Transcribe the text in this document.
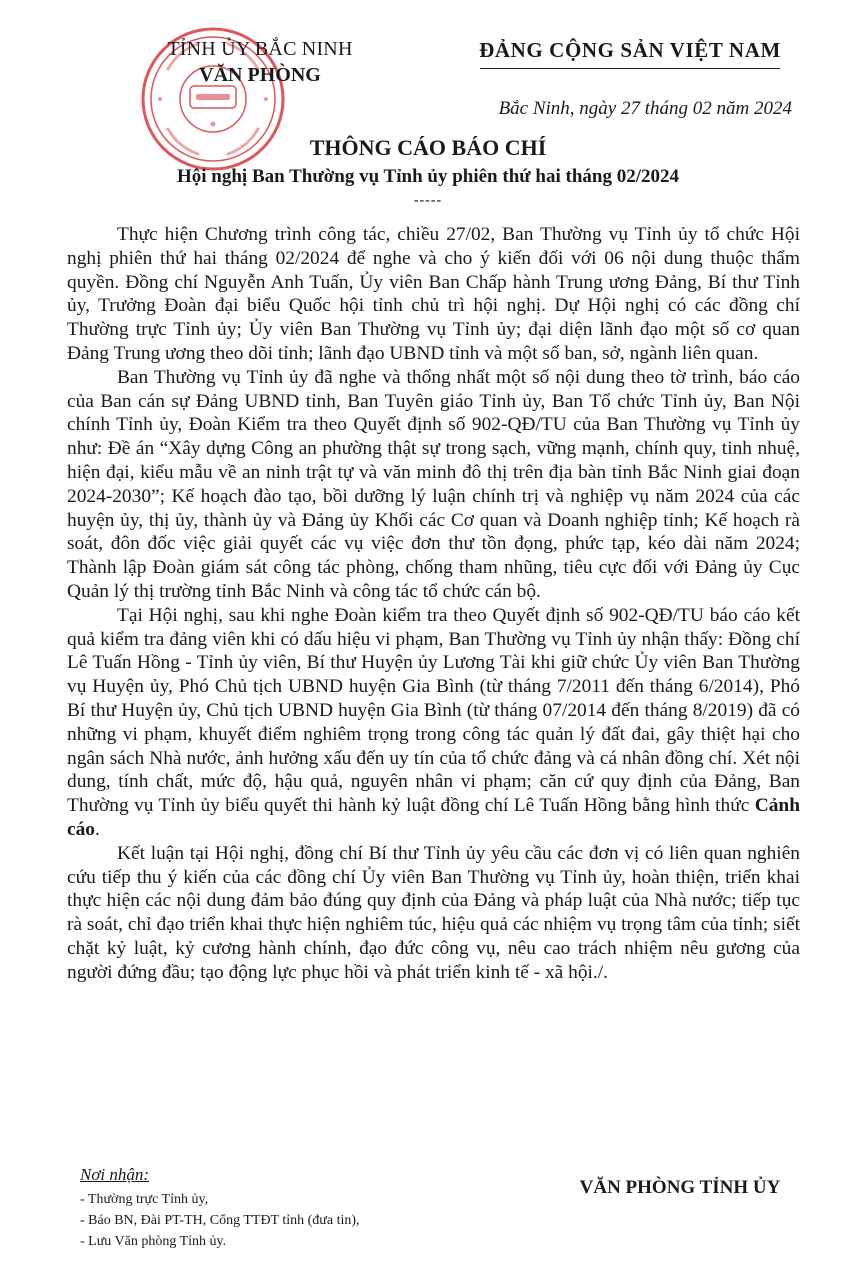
TỈNH ỦY BẮC NINH
VĂN PHÒNG
ĐẢNG CỘNG SẢN VIỆT NAM
Bắc Ninh, ngày 27 tháng 02 năm 2024
THÔNG CÁO BÁO CHÍ
Hội nghị Ban Thường vụ Tỉnh ủy phiên thứ hai tháng 02/2024
-----

Thực hiện Chương trình công tác, chiều 27/02, Ban Thường vụ Tỉnh ủy tổ chức Hội nghị phiên thứ hai tháng 02/2024 để nghe và cho ý kiến đối với 06 nội dung thuộc thẩm quyền. Đồng chí Nguyễn Anh Tuấn, Ủy viên Ban Chấp hành Trung ương Đảng, Bí thư Tỉnh ủy, Trưởng Đoàn đại biểu Quốc hội tỉnh chủ trì hội nghị. Dự Hội nghị có các đồng chí Thường trực Tỉnh ủy; Ủy viên Ban Thường vụ Tỉnh ủy; đại diện lãnh đạo một số cơ quan Đảng Trung ương theo dõi tỉnh; lãnh đạo UBND tỉnh và một số ban, sở, ngành liên quan.

Ban Thường vụ Tỉnh ủy đã nghe và thống nhất một số nội dung theo tờ trình, báo cáo của Ban cán sự Đảng UBND tỉnh, Ban Tuyên giáo Tỉnh ủy, Ban Tổ chức Tỉnh ủy, Ban Nội chính Tỉnh ủy, Đoàn Kiểm tra theo Quyết định số 902-QĐ/TU của Ban Thường vụ Tỉnh ủy như: Đề án “Xây dựng Công an phường thật sự trong sạch, vững mạnh, chính quy, tinh nhuệ, hiện đại, kiểu mẫu về an ninh trật tự và văn minh đô thị trên địa bàn tỉnh Bắc Ninh giai đoạn 2024-2030”; Kế hoạch đào tạo, bồi dưỡng lý luận chính trị và nghiệp vụ năm 2024 của các huyện ủy, thị ủy, thành ủy và Đảng ủy Khối các Cơ quan và Doanh nghiệp tỉnh; Kế hoạch rà soát, đôn đốc việc giải quyết các vụ việc đơn thư tồn đọng, phức tạp, kéo dài năm 2024; Thành lập Đoàn giám sát công tác phòng, chống tham nhũng, tiêu cực đối với Đảng ủy Cục Quản lý thị trường tỉnh Bắc Ninh và công tác tổ chức cán bộ.

Tại Hội nghị, sau khi nghe Đoàn kiểm tra theo Quyết định số 902-QĐ/TU báo cáo kết quả kiểm tra đảng viên khi có dấu hiệu vi phạm, Ban Thường vụ Tỉnh ủy nhận thấy: Đồng chí Lê Tuấn Hồng - Tỉnh ủy viên, Bí thư Huyện ủy Lương Tài khi giữ chức Ủy viên Ban Thường vụ Huyện ủy, Phó Chủ tịch UBND huyện Gia Bình (từ tháng 7/2011 đến tháng 6/2014), Phó Bí thư Huyện ủy, Chủ tịch UBND huyện Gia Bình (từ tháng 07/2014 đến tháng 8/2019) đã có những vi phạm, khuyết điểm nghiêm trọng trong công tác quản lý đất đai, gây thiệt hại cho ngân sách Nhà nước, ảnh hưởng xấu đến uy tín của tổ chức đảng và cá nhân đồng chí. Xét nội dung, tính chất, mức độ, hậu quả, nguyên nhân vi phạm; căn cứ quy định của Đảng, Ban Thường vụ Tỉnh ủy biểu quyết thi hành kỷ luật đồng chí Lê Tuấn Hồng bằng hình thức Cảnh cáo.

Kết luận tại Hội nghị, đồng chí Bí thư Tỉnh ủy yêu cầu các đơn vị có liên quan nghiên cứu tiếp thu ý kiến của các đồng chí Ủy viên Ban Thường vụ Tỉnh ủy, hoàn thiện, triển khai thực hiện các nội dung đảm bảo đúng quy định của Đảng và pháp luật của Nhà nước; tiếp tục rà soát, chỉ đạo triển khai thực hiện nghiêm túc, hiệu quả các nhiệm vụ trọng tâm của tỉnh; siết chặt kỷ luật, kỷ cương hành chính, đạo đức công vụ, nêu cao trách nhiệm nêu gương của người đứng đầu; tạo động lực phục hồi và phát triển kinh tế - xã hội./.

Nơi nhận:
- Thường trực Tỉnh ủy,
- Báo BN, Đài PT-TH, Cổng TTĐT tỉnh (đưa tin),
- Lưu Văn phòng Tỉnh ủy.
VĂN PHÒNG TỈNH ỦY
